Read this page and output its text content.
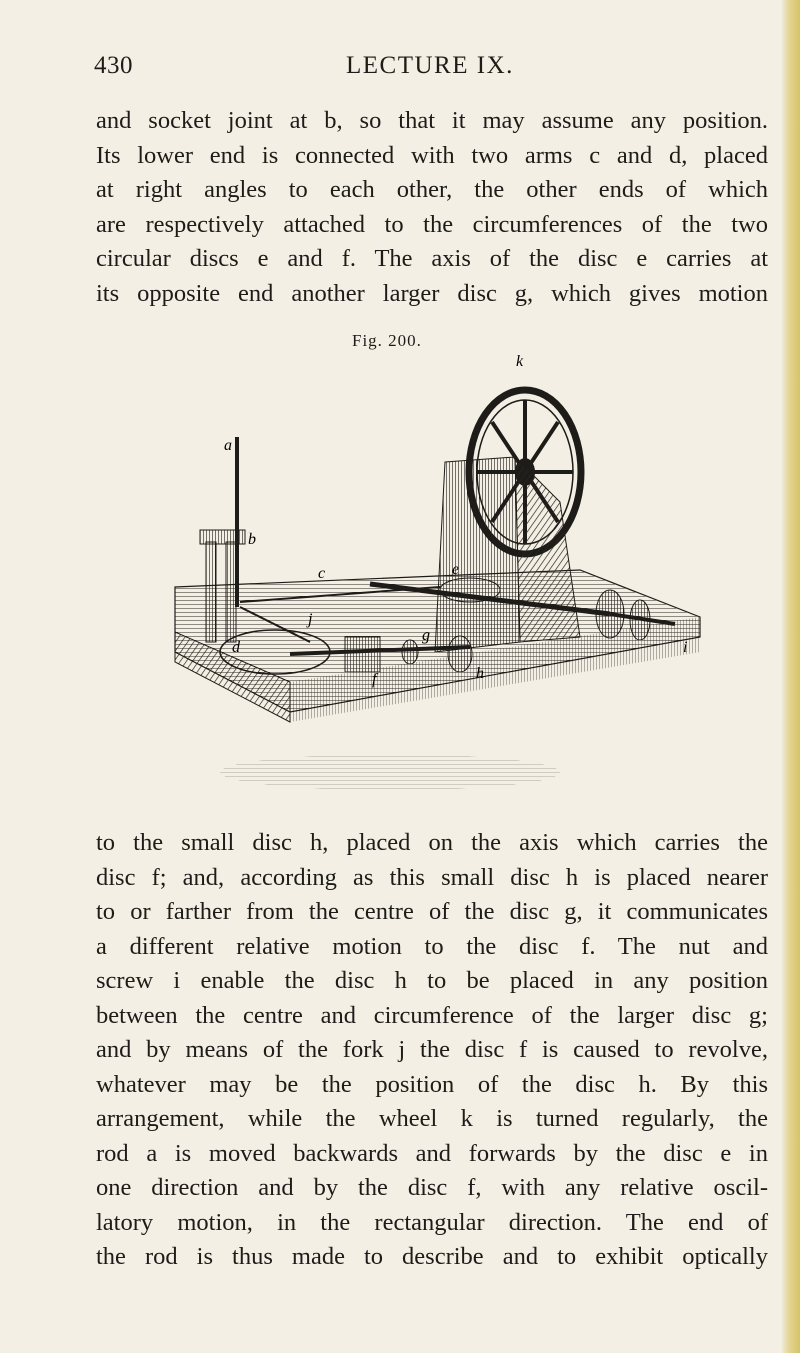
430	LECTURE IX.
and socket joint at b, so that it may assume any position.
Its lower end is connected with two arms c and d, placed
at right angles to each other, the other ends of which
are respectively attached to the circumferences of the two
circular discs e and f. The axis of the disc e carries at
its opposite end another larger disc g, which gives motion
Fig. 200.
k
a
b
c
d
e
f
g
h
i
j
to the small disc h, placed on the axis which carries the
disc f; and, according as this small disc h is placed nearer
to or farther from the centre of the disc g, it communicates
a different relative motion to the disc f. The nut and
screw i enable the disc h to be placed in any position
between the centre and circumference of the larger disc g;
and by means of the fork j the disc f is caused to revolve,
whatever may be the position of the disc h. By this
arrangement, while the wheel k is turned regularly, the
rod a is moved backwards and forwards by the disc e in
one direction and by the disc f, with any relative oscil-
latory motion, in the rectangular direction. The end of
the rod is thus made to describe and to exhibit optically
